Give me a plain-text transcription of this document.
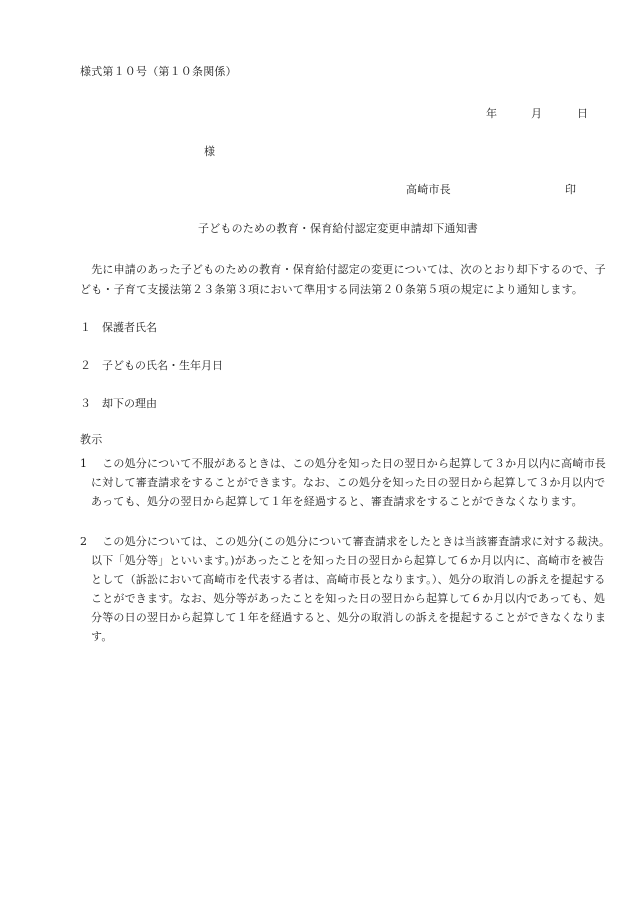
様式第１０号（第１０条関係）
年	月	日
様
高崎市長	印
子どものための教育・保育給付認定変更申請却下通知書
　先に申請のあった子どものための教育・保育給付認定の変更については、次のとおり却下するので、子ども・子育て支援法第２３条第３項において準用する同法第２０条第５項の規定により通知します。
１ 保護者氏名
２ 子どもの氏名・生年月日
３ 却下の理由
教示
1 　この処分について不服があるときは、この処分を知った日の翌日から起算して３か月以内に高崎市長に対して審査請求をすることができます。なお、この処分を知った日の翌日から起算して３か月以内であっても、処分の翌日から起算して１年を経過すると、審査請求をすることができなくなります。
2 　この処分については、この処分(この処分について審査請求をしたときは当該審査請求に対する裁決。以下「処分等」といいます。)があったことを知った日の翌日から起算して６か月以内に、高崎市を被告として（訴訟において高崎市を代表する者は、高崎市長となります。）、処分の取消しの訴えを提起することができます。なお、処分等があったことを知った日の翌日から起算して６か月以内であっても、処分等の日の翌日から起算して１年を経過すると、処分の取消しの訴えを提起することができなくなります。
